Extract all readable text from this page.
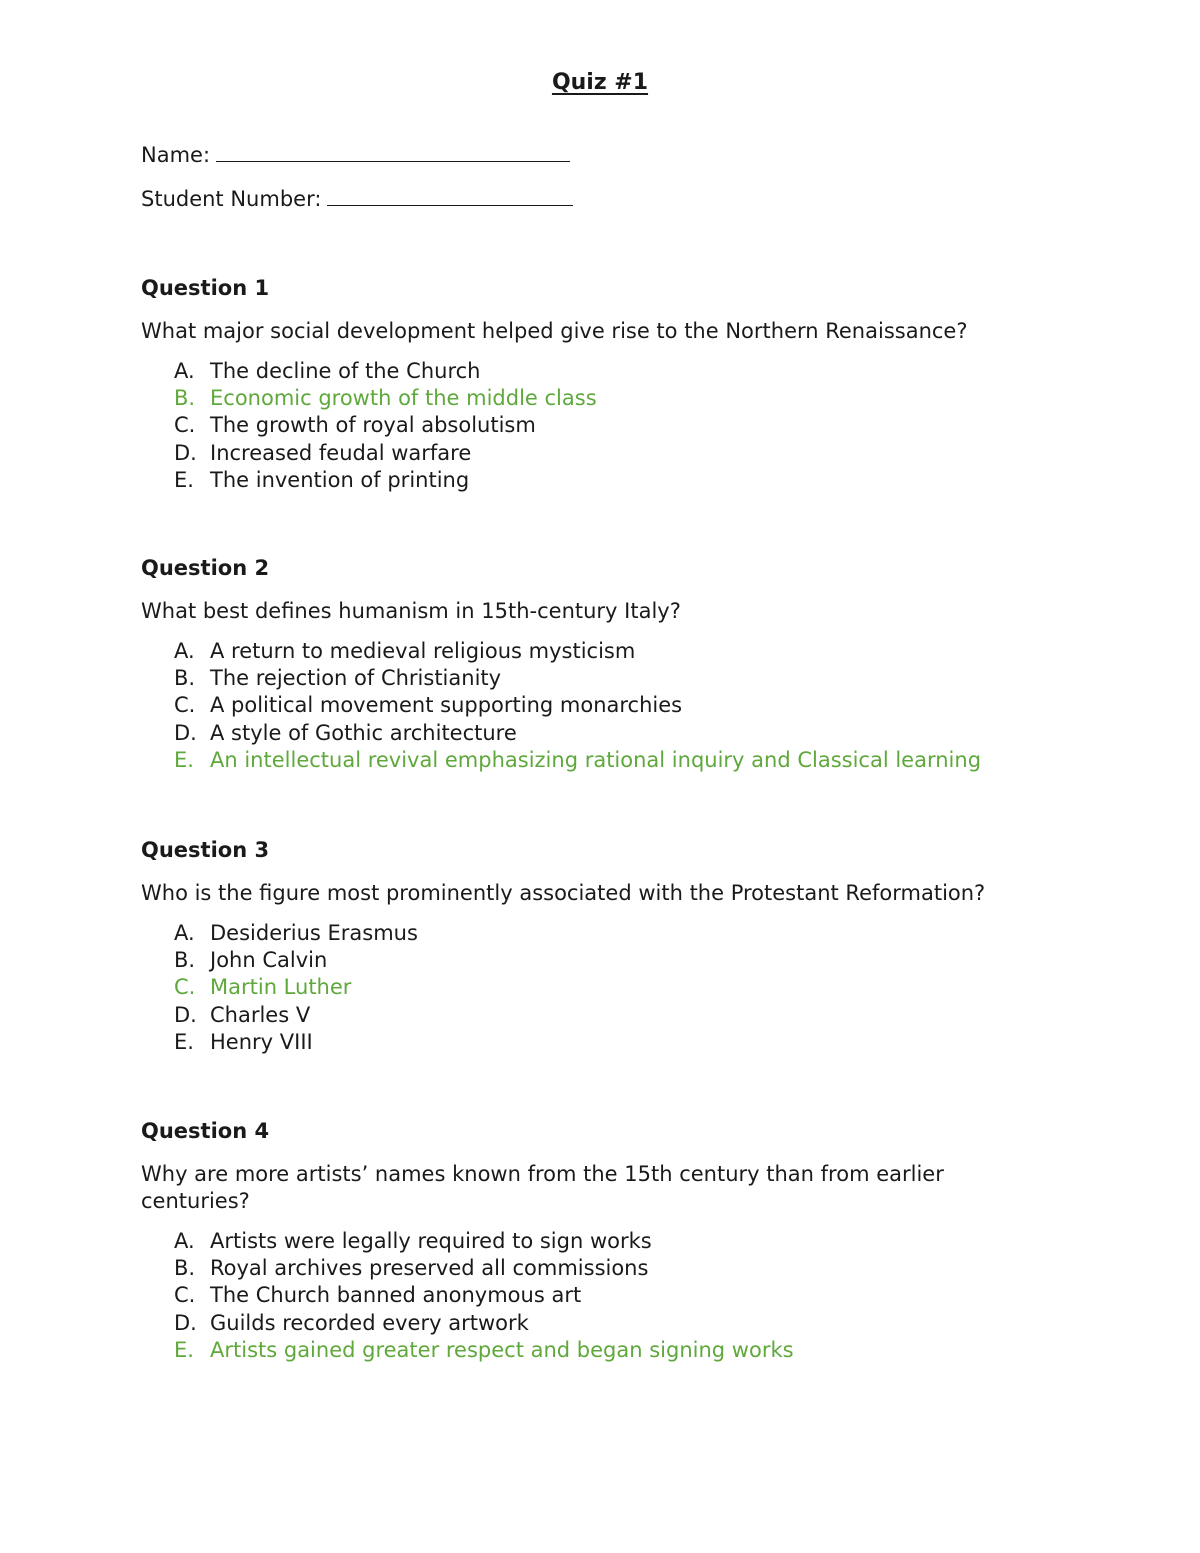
Quiz #1
Name:
Student Number:
Question 1
What major social development helped give rise to the Northern Renaissance?
A. The decline of the Church
B. Economic growth of the middle class
C. The growth of royal absolutism
D. Increased feudal warfare
E. The invention of printing
Question 2
What best defines humanism in 15th-century Italy?
A. A return to medieval religious mysticism
B. The rejection of Christianity
C. A political movement supporting monarchies
D. A style of Gothic architecture
E. An intellectual revival emphasizing rational inquiry and Classical learning
Question 3
Who is the figure most prominently associated with the Protestant Reformation?
A. Desiderius Erasmus
B. John Calvin
C. Martin Luther
D. Charles V
E. Henry VIII
Question 4
Why are more artists’ names known from the 15th century than from earlier centuries?
A. Artists were legally required to sign works
B. Royal archives preserved all commissions
C. The Church banned anonymous art
D. Guilds recorded every artwork
E. Artists gained greater respect and began signing works
